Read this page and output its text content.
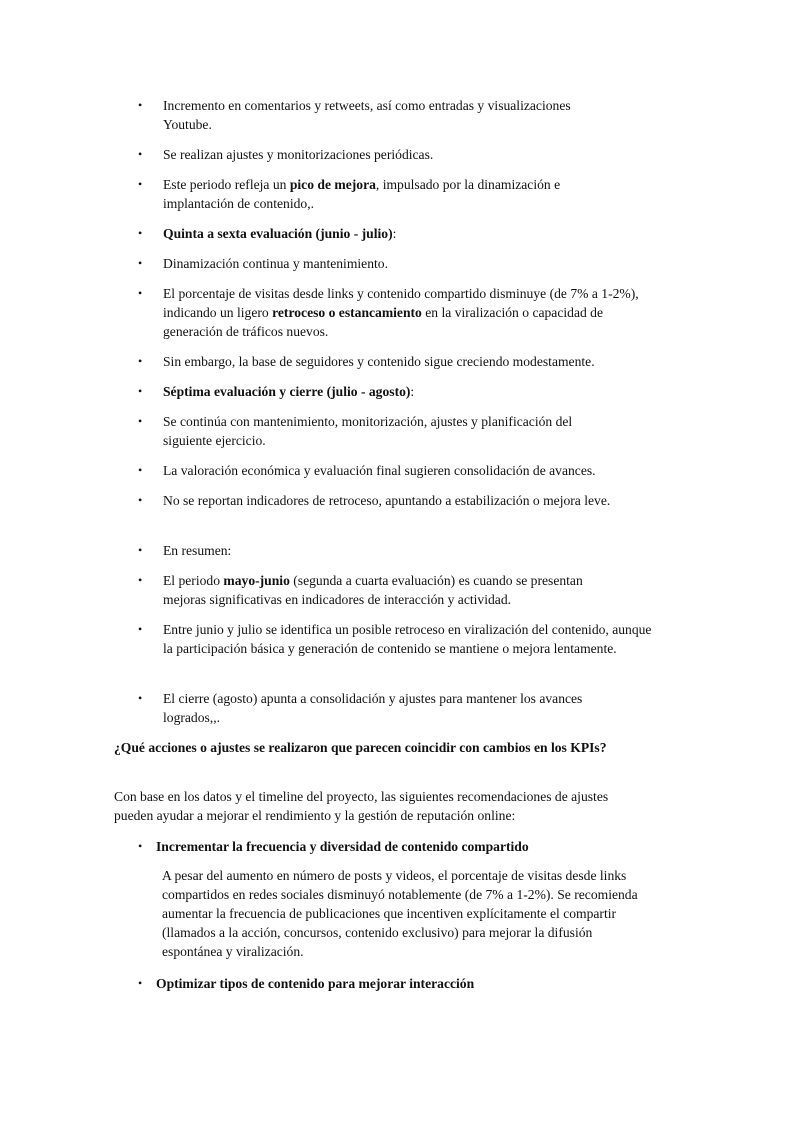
• Incremento en comentarios y retweets, así como entradas y visualizaciones Youtube.
• Se realizan ajustes y monitorizaciones periódicas.
• Este periodo refleja un pico de mejora, impulsado por la dinamización e implantación de contenido,.
• Quinta a sexta evaluación (junio - julio):
• Dinamización continua y mantenimiento.
• El porcentaje de visitas desde links y contenido compartido disminuye (de 7% a 1-2%), indicando un ligero retroceso o estancamiento en la viralización o capacidad de generación de tráficos nuevos.
• Sin embargo, la base de seguidores y contenido sigue creciendo modestamente.
• Séptima evaluación y cierre (julio - agosto):
• Se continúa con mantenimiento, monitorización, ajustes y planificación del siguiente ejercicio.
• La valoración económica y evaluación final sugieren consolidación de avances.
• No se reportan indicadores de retroceso, apuntando a estabilización o mejora leve.
• En resumen:
• El periodo mayo-junio (segunda a cuarta evaluación) es cuando se presentan mejoras significativas en indicadores de interacción y actividad.
• Entre junio y julio se identifica un posible retroceso en viralización del contenido, aunque la participación básica y generación de contenido se mantiene o mejora lentamente.
• El cierre (agosto) apunta a consolidación y ajustes para mantener los avances logrados,,.
¿Qué acciones o ajustes se realizaron que parecen coincidir con cambios en los KPIs?
Con base en los datos y el timeline del proyecto, las siguientes recomendaciones de ajustes pueden ayudar a mejorar el rendimiento y la gestión de reputación online:
• Incrementar la frecuencia y diversidad de contenido compartido
A pesar del aumento en número de posts y videos, el porcentaje de visitas desde links compartidos en redes sociales disminuyó notablemente (de 7% a 1-2%). Se recomienda aumentar la frecuencia de publicaciones que incentiven explícitamente el compartir (llamados a la acción, concursos, contenido exclusivo) para mejorar la difusión espontánea y viralización.
• Optimizar tipos de contenido para mejorar interacción
